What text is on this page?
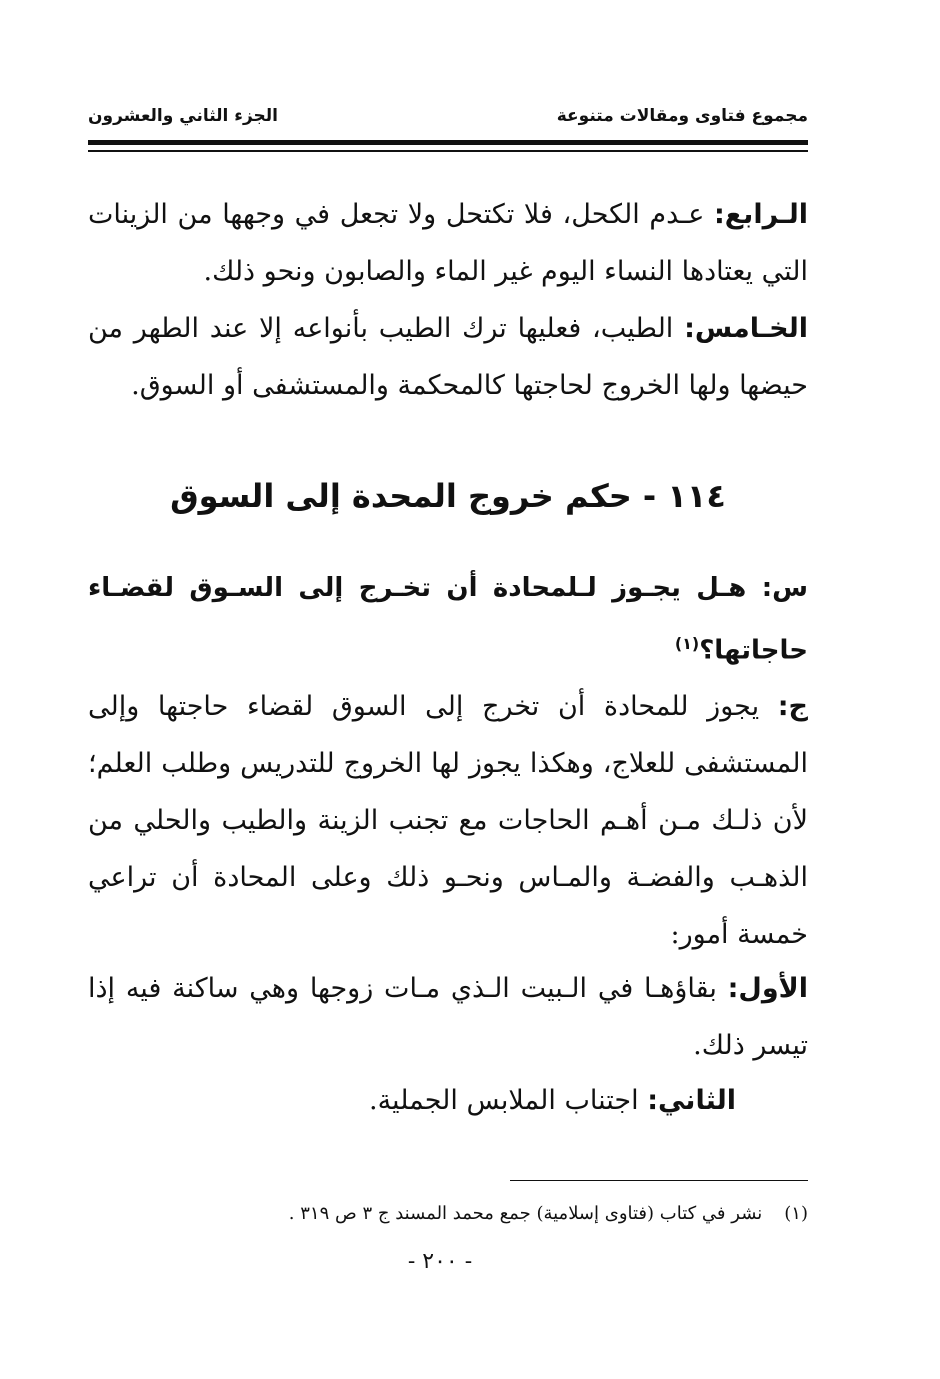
مجموع فتاوى ومقالات متنوعة
الجزء الثاني والعشرون

الـرابع: عـدم الكحل، فلا تكتحل ولا تجعل في وجهها من الزينات التي يعتادها النساء اليوم غير الماء والصابون ونحو ذلك.

الخـامس: الطيب، فعليها ترك الطيب بأنواعه إلا عند الطهر من حيضها ولها الخروج لحاجتها كالمحكمة والمستشفى أو السوق.

١١٤ - حكم خروج المحدة إلى السوق
س: هـل يجـوز لـلمحادة أن تخـرج إلى السـوق لقضـاء حاجاتها؟$^{(١)}$

ج: يجوز للمحادة أن تخرج إلى السوق لقضاء حاجتها وإلى المستشفى للعلاج، وهكذا يجوز لها الخروج للتدريس وطلب العلم؛ لأن ذلـك مـن أهـم الحاجات مع تجنب الزينة والطيب والحلي من الذهـب والفضـة والمـاس ونحـو ذلك وعلى المحادة أن تراعي خمسة أمور:

الأول: بقاؤهـا في الـبيت الـذي مـات زوجها وهي ساكنة فيه إذا تيسر ذلك.

الثاني: اجتناب الملابس الجملية.

(١)نشر في كتاب (فتاوى إسلامية) جمع محمد المسند ج ٣ ص ٣١٩ .
- ٢٠٠ -
